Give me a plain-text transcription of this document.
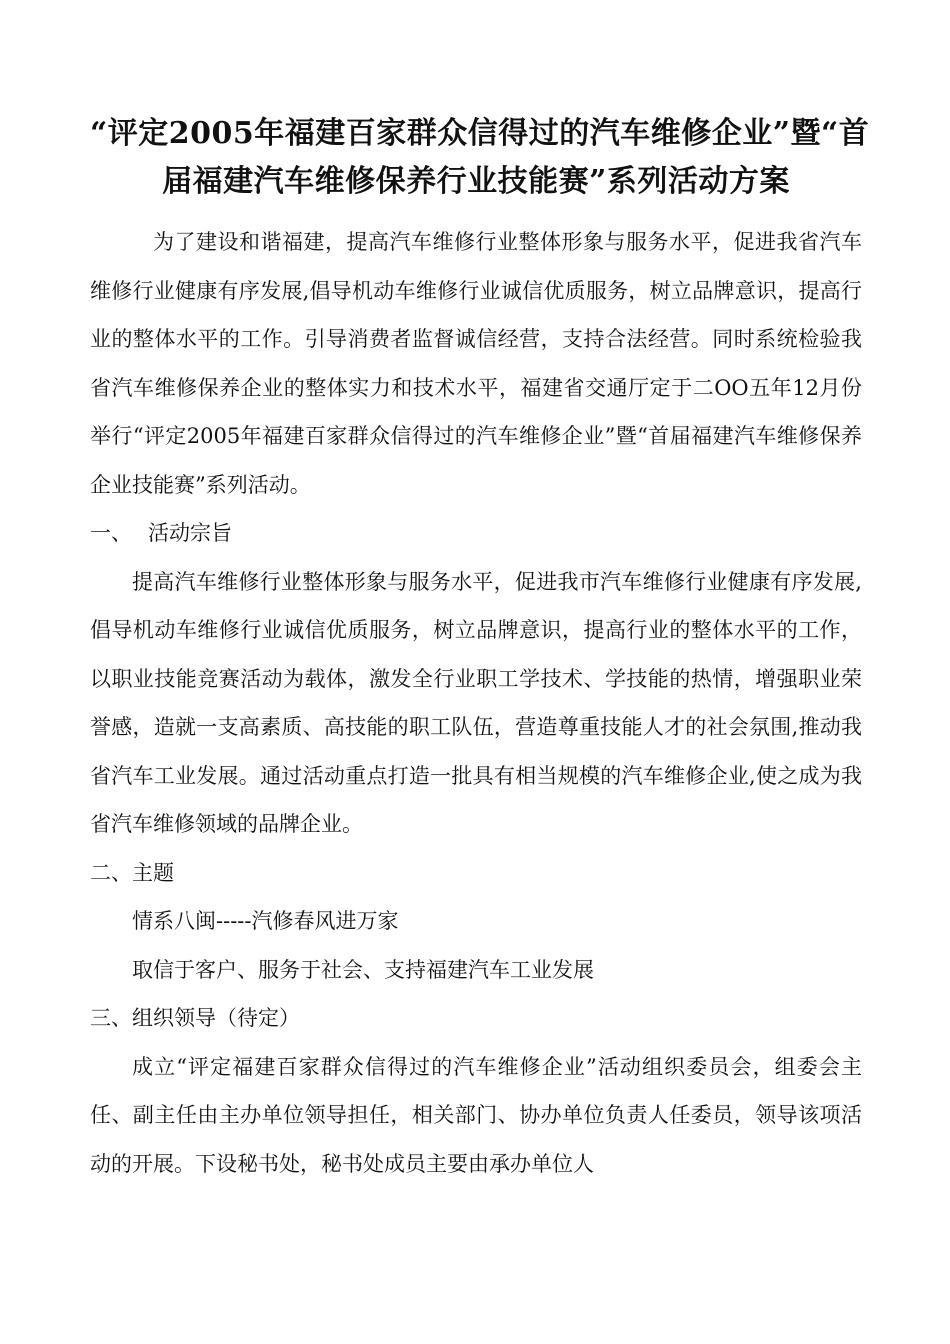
“评定2005年福建百家群众信得过的汽车维修企业”暨“首
届福建汽车维修保养行业技能赛”系列活动方案

为了建设和谐福建，提高汽车维修行业整体形象与服务水平，促进我省汽车维修行业健康有序发展,倡导机动车维修行业诚信优质服务，树立品牌意识，提高行业的整体水平的工作。引导消费者监督诚信经营，支持合法经营。同时系统检验我省汽车维修保养企业的整体实力和技术水平，福建省交通厅定于二OO五年12月份举行“评定2005年福建百家群众信得过的汽车维修企业”暨“首届福建汽车维修保养企业技能赛”系列活动。

一、 活动宗旨

提高汽车维修行业整体形象与服务水平，促进我市汽车维修行业健康有序发展,倡导机动车维修行业诚信优质服务，树立品牌意识，提高行业的整体水平的工作，以职业技能竞赛活动为载体，激发全行业职工学技术、学技能的热情，增强职业荣誉感，造就一支高素质、高技能的职工队伍，营造尊重技能人才的社会氛围,推动我省汽车工业发展。通过活动重点打造一批具有相当规模的汽车维修企业,使之成为我省汽车维修领域的品牌企业。

二、主题

情系八闽-----汽修春风进万家

取信于客户、服务于社会、支持福建汽车工业发展

三、组织领导（待定）

成立“评定福建百家群众信得过的汽车维修企业”活动组织委员会，组委会主任、副主任由主办单位领导担任，相关部门、协办单位负责人任委员，领导该项活动的开展。下设秘书处，秘书处成员主要由承办单位人
